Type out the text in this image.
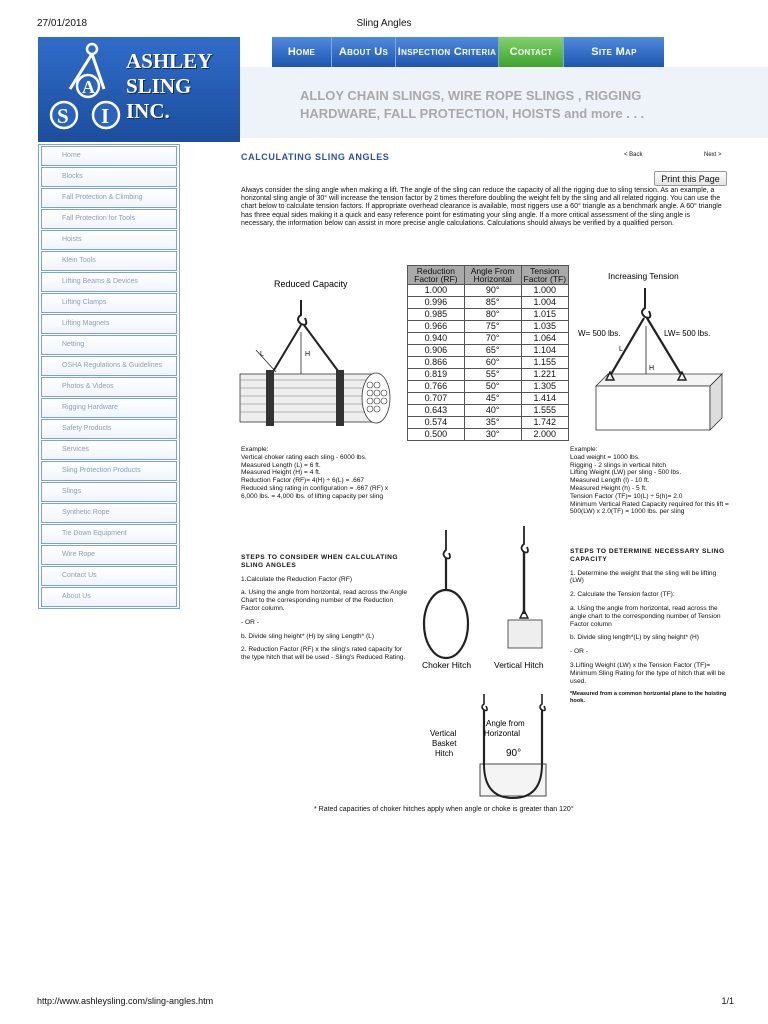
27/01/2018	Sling Angles
http://www.ashleysling.com/sling-angles.htm	1/1
A
S I
ASHLEY
SLING
INC.
Home	About Us Inspection Criteria	Contact	Site Map
ALLOY CHAIN SLINGS, WIRE ROPE SLINGS , RIGGING HARDWARE, FALL PROTECTION, HOISTS and more . . .
Home
Blocks
Fall Protection & Climbing
Fall Protection for Tools
Hoists
Klein Tools
Lifting Beams & Devices
Lifting Clamps
Lifting Magnets
Netting
OSHA Regulations & Guidelines
Photos & Videos
Rigging Hardware
Safety Products
Services
Sling Protection Products
Slings
Synthetic Rope
Tie Down Equipment
Wire Rope
Contact Us
About Us
CALCULATING SLING ANGLES	< Back	Next >
Print this Page

Always consider the sling angle when making a lift. The angle of the sling can reduce the capacity of all the rigging due to sling tension. As an example, a horizontal sling angle of 30° will increase the tension factor by 2 times therefore doubling the weight felt by the sling and all related rigging. You can use the chart below to calculate tension factors. If appropriate overhead clearance is available, most riggers use a 60° triangle as a benchmark angle. A 60° triangle has three equal sides making it a quick and easy reference point for estimating your sling angle. If a more critical assessment of the sling angle is necessary, the information below can assist in more precise angle calculations. Calculations should always be verified by a qualified person.

Reduced Capacity
L	H
Reduction Factor (RF)	Angle From Horizontal	Tension Factor (TF)
1.000	90°	1.000
0.996	85°	1.004
0.985	80°	1.015
0.966	75°	1.035
0.940	70°	1.064
0.906	65°	1.104
0.866	60°	1.155
0.819	55°	1.221
0.766	50°	1.305
0.707	45°	1.414
0.643	40°	1.555
0.574	35°	1.742
0.500	30°	2.000
Increasing Tension
W= 500 lbs.	LW= 500 lbs.
L
H
Example:
Vertical choker rating each sling - 6000 lbs.
Measured Length (L) = 6 ft.
Measured Height (H) = 4 ft.
Reduction Factor (RF)= 4(H) ÷ 6(L) = .667
Reduced sling rating in configuration = .667 (RF) x 6,000 lbs. = 4,000 lbs. of lifting capacity per sling
Example:
Load weight = 1000 lbs.
Rigging - 2 slings in vertical hitch
Lifting Weight (LW) per sling - 500 lbs.
Measured Length (l) - 10 ft.
Measured Height (h) - 5 ft.
Tension Factor (TF)= 10(L) ÷ 5(h)= 2.0
Minimum Vertical Rated Capacity required for this lift = 500(LW) x 2.0(TF) = 1000 lbs. per sling

STEPS TO CONSIDER WHEN CALCULATING SLING ANGLES

1.Calculate the Reduction Factor (RF)

a. Using the angle from horizontal, read across the Angle Chart to the corresponding number of the Reduction Factor column.

- OR -

b. Divide sling height* (H) by sling Length* (L)

2. Reduction Factor (RF) x the sling's rated capacity for the type hitch that will be used - Sling's Reduced Rating.

STEPS TO DETERMINE NECESSARY SLING CAPACITY

1. Determine the weight that the sling will be lifting (LW)

2. Calculate the Tension factor (TF):

a. Using the angle from horizontal, read across the angle chart to the corresponding number of Tension Factor column

b. Divide sling length*(L) by sling height* (H)

- OR -

3.Lifting Weight (LW) x the Tension Factor (TF)= Minimum Sling Rating for the type of hitch that will be used.

*Measured from a common horizontal plane to the hoisting hook.

Choker Hitch	Vertical Hitch
Vertical
Basket
Hitch
Angle from
Horizontal
90°
* Rated capacities of choker hitches apply when angle or choke is greater than 120°
